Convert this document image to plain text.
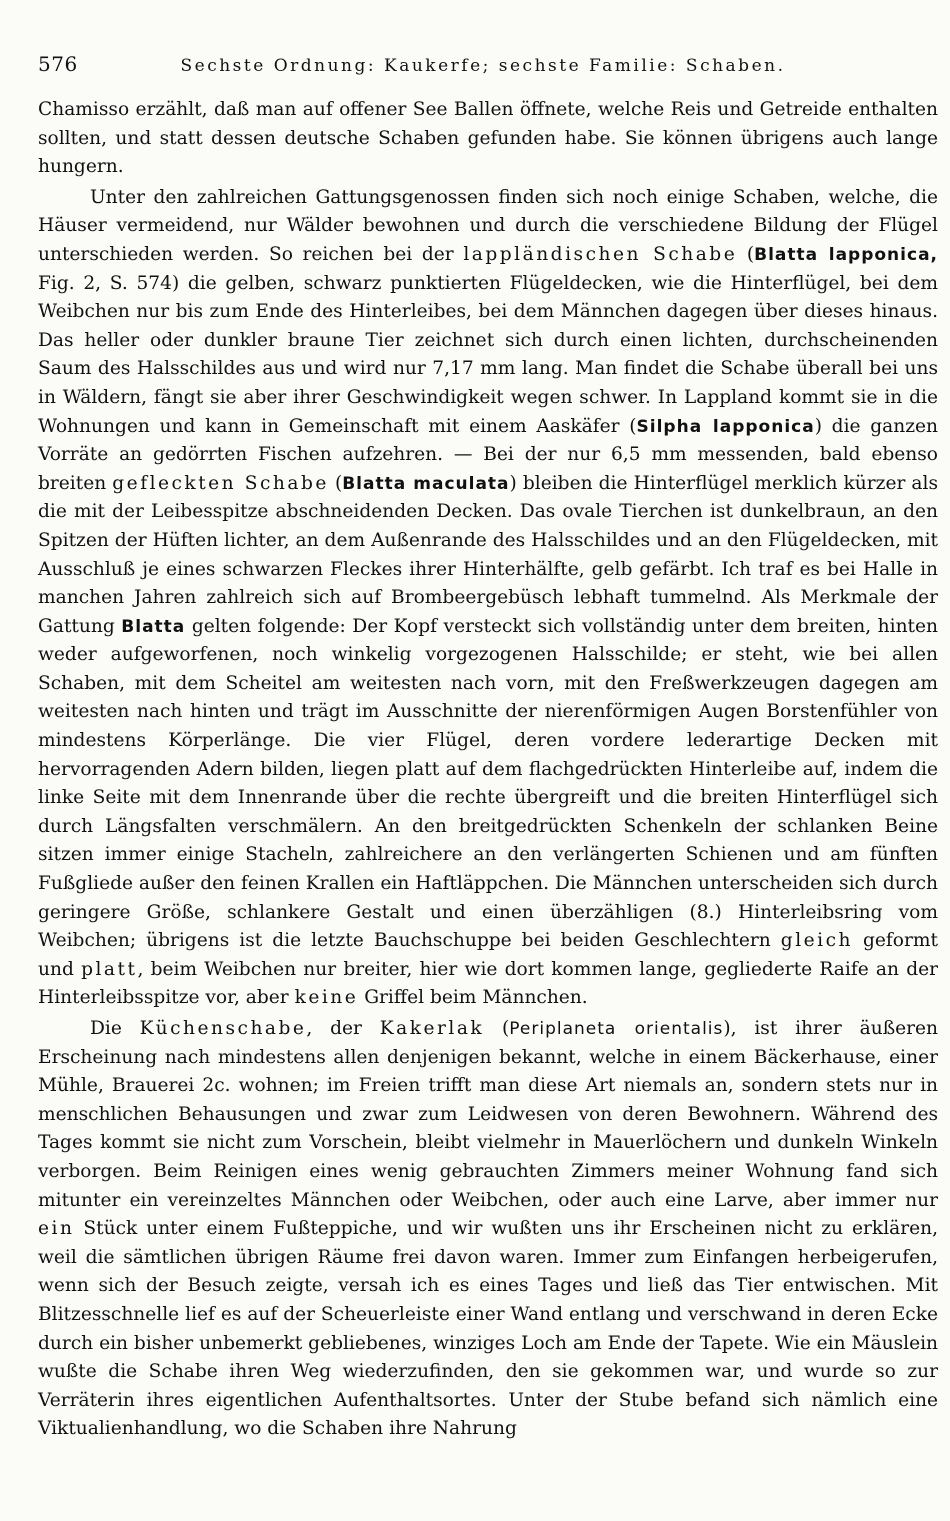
576	Sechste Ordnung: Kaukerfe; sechste Familie: Schaben.

Chamisso erzählt, daß man auf offener See Ballen öffnete, welche Reis und Getreide enthalten sollten, und statt dessen deutsche Schaben gefunden habe. Sie können übrigens auch lange hungern.

Unter den zahlreichen Gattungsgenossen finden sich noch einige Schaben, welche, die Häuser vermeidend, nur Wälder bewohnen und durch die verschiedene Bildung der Flügel unterschieden werden. So reichen bei der lappländischen Schabe (Blatta lapponica, Fig. 2, S. 574) die gelben, schwarz punktierten Flügeldecken, wie die Hinterflügel, bei dem Weibchen nur bis zum Ende des Hinterleibes, bei dem Männchen dagegen über dieses hinaus. Das heller oder dunkler braune Tier zeichnet sich durch einen lichten, durchscheinenden Saum des Halsschildes aus und wird nur 7,17 mm lang. Man findet die Schabe überall bei uns in Wäldern, fängt sie aber ihrer Geschwindigkeit wegen schwer. In Lappland kommt sie in die Wohnungen und kann in Gemeinschaft mit einem Aaskäfer (Silpha lapponica) die ganzen Vorräte an gedörrten Fischen aufzehren. — Bei der nur 6,5 mm messenden, bald ebenso breiten gefleckten Schabe (Blatta maculata) bleiben die Hinterflügel merklich kürzer als die mit der Leibesspitze abschneidenden Decken. Das ovale Tierchen ist dunkelbraun, an den Spitzen der Hüften lichter, an dem Außenrande des Halsschildes und an den Flügeldecken, mit Ausschluß je eines schwarzen Fleckes ihrer Hinterhälfte, gelb gefärbt. Ich traf es bei Halle in manchen Jahren zahlreich sich auf Brombeergebüsch lebhaft tummelnd. Als Merkmale der Gattung Blatta gelten folgende: Der Kopf versteckt sich vollständig unter dem breiten, hinten weder aufgeworfenen, noch winkelig vorgezogenen Halsschilde; er steht, wie bei allen Schaben, mit dem Scheitel am weitesten nach vorn, mit den Freßwerkzeugen dagegen am weitesten nach hinten und trägt im Ausschnitte der nierenförmigen Augen Borstenfühler von mindestens Körperlänge. Die vier Flügel, deren vordere lederartige Decken mit hervorragenden Adern bilden, liegen platt auf dem flachgedrückten Hinterleibe auf, indem die linke Seite mit dem Innenrande über die rechte übergreift und die breiten Hinterflügel sich durch Längsfalten verschmälern. An den breitgedrückten Schenkeln der schlanken Beine sitzen immer einige Stacheln, zahlreichere an den verlängerten Schienen und am fünften Fußgliede außer den feinen Krallen ein Haftläppchen. Die Männchen unterscheiden sich durch geringere Größe, schlankere Gestalt und einen überzähligen (8.) Hinterleibsring vom Weibchen; übrigens ist die letzte Bauchschuppe bei beiden Geschlechtern gleich geformt und platt, beim Weibchen nur breiter, hier wie dort kommen lange, gegliederte Raife an der Hinterleibsspitze vor, aber keine Griffel beim Männchen.

Die Küchenschabe, der Kakerlak (Periplaneta orientalis), ist ihrer äußeren Erscheinung nach mindestens allen denjenigen bekannt, welche in einem Bäckerhause, einer Mühle, Brauerei 2c. wohnen; im Freien trifft man diese Art niemals an, sondern stets nur in menschlichen Behausungen und zwar zum Leidwesen von deren Bewohnern. Während des Tages kommt sie nicht zum Vorschein, bleibt vielmehr in Mauerlöchern und dunkeln Winkeln verborgen. Beim Reinigen eines wenig gebrauchten Zimmers meiner Wohnung fand sich mitunter ein vereinzeltes Männchen oder Weibchen, oder auch eine Larve, aber immer nur ein Stück unter einem Fußteppiche, und wir wußten uns ihr Erscheinen nicht zu erklären, weil die sämtlichen übrigen Räume frei davon waren. Immer zum Einfangen herbeigerufen, wenn sich der Besuch zeigte, versah ich es eines Tages und ließ das Tier entwischen. Mit Blitzesschnelle lief es auf der Scheuerleiste einer Wand entlang und verschwand in deren Ecke durch ein bisher unbemerkt gebliebenes, winziges Loch am Ende der Tapete. Wie ein Mäuslein wußte die Schabe ihren Weg wiederzufinden, den sie gekommen war, und wurde so zur Verräterin ihres eigentlichen Aufenthaltsortes. Unter der Stube befand sich nämlich eine Viktualienhandlung, wo die Schaben ihre Nahrung
